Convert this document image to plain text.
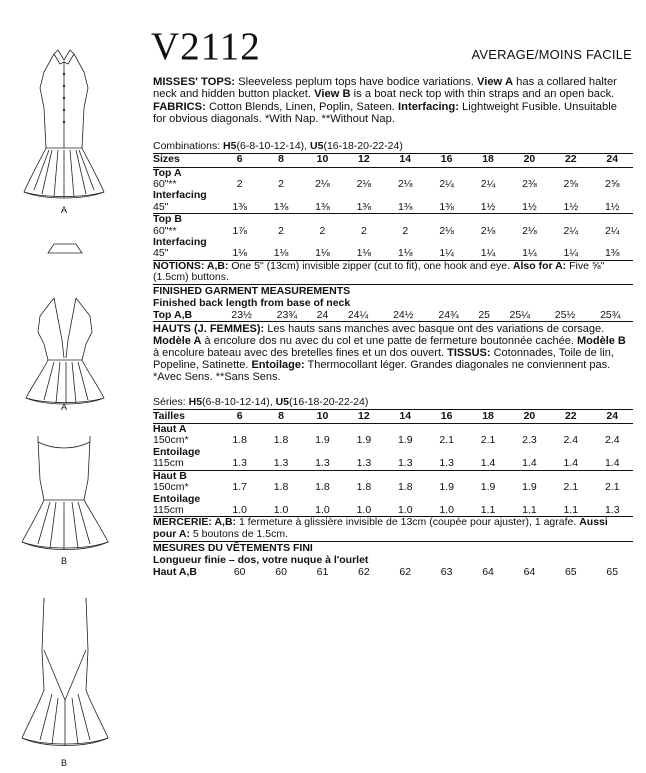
A
A
B
B
V2112	AVERAGE/MOINS FACILE

MISSES' TOPS: Sleeveless peplum tops have bodice variations. View A has a collared halter neck and hidden button placket. View B is a boat neck top with thin straps and an open back. FABRICS: Cotton Blends, Linen, Poplin, Sateen. Interfacing: Lightweight Fusible. Unsuitable for obvious diagonals. *With Nap. **Without Nap.

Combinations: H5(6-8-10-12-14), U5(16-18-20-22-24)
Sizes	6	8	10	12	14	16	18	20	22	24
Top A										
60"**	2	2	2⅛	2⅛	2⅛	2¼	2¼	2⅜	2⅝	2⅝
Interfacing										
45"	1⅜	1⅜	1⅜	1⅜	1⅜	1⅜	1½	1½	1½	1½
Top B										
60"**	1⅞	2	2	2	2	2⅛	2⅛	2⅛	2¼	2¼
Interfacing										
45"	1⅛	1⅛	1⅛	1⅛	1⅛	1¼	1¼	1¼	1¼	1⅜
NOTIONS: A,B: One 5" (13cm) invisible zipper (cut to fit), one hook and eye. Also for A: Five ⅝" (1.5cm) buttons.
FINISHED GARMENT MEASUREMENTS
Finished back length from base of neck
Top A,B	23½	23¾	24	24¼	24½	24¾	25	25¼	25½	25¾

HAUTS (J. FEMMES): Les hauts sans manches avec basque ont des variations de corsage. Modèle A à encolure dos nu avec du col et une patte de fermeture boutonnée cachée. Modèle B à encolure bateau avec des bretelles fines et un dos ouvert. TISSUS: Cotonnades, Toile de lin, Popeline, Satinette. Entoilage: Thermocollant léger. Grandes diagonales ne conviennent pas. *Avec Sens. **Sans Sens.

Séries: H5(6-8-10-12-14), U5(16-18-20-22-24)
Tailles	6	8	10	12	14	16	18	20	22	24
Haut A										
150cm*	1.8	1.8	1.9	1.9	1.9	2.1	2.1	2.3	2.4	2.4
Entoilage										
115cm	1.3	1.3	1.3	1.3	1.3	1.3	1.4	1.4	1.4	1.4
Haut B										
150cm*	1.7	1.8	1.8	1.8	1.8	1.9	1.9	1.9	2.1	2.1
Entoilage										
115cm	1.0	1.0	1.0	1.0	1.0	1.0	1.1	1.1	1.1	1.3
MERCERIE: A,B: 1 fermeture à glissière invisible de 13cm (coupée pour ajuster), 1 agrafe. Aussi pour A: 5 boutons de 1.5cm.
MESURES DU VÊTEMENTS FINI
Longueur finie – dos, votre nuque à l'ourlet
Haut A,B	60	60	61	62	62	63	64	64	65	65
